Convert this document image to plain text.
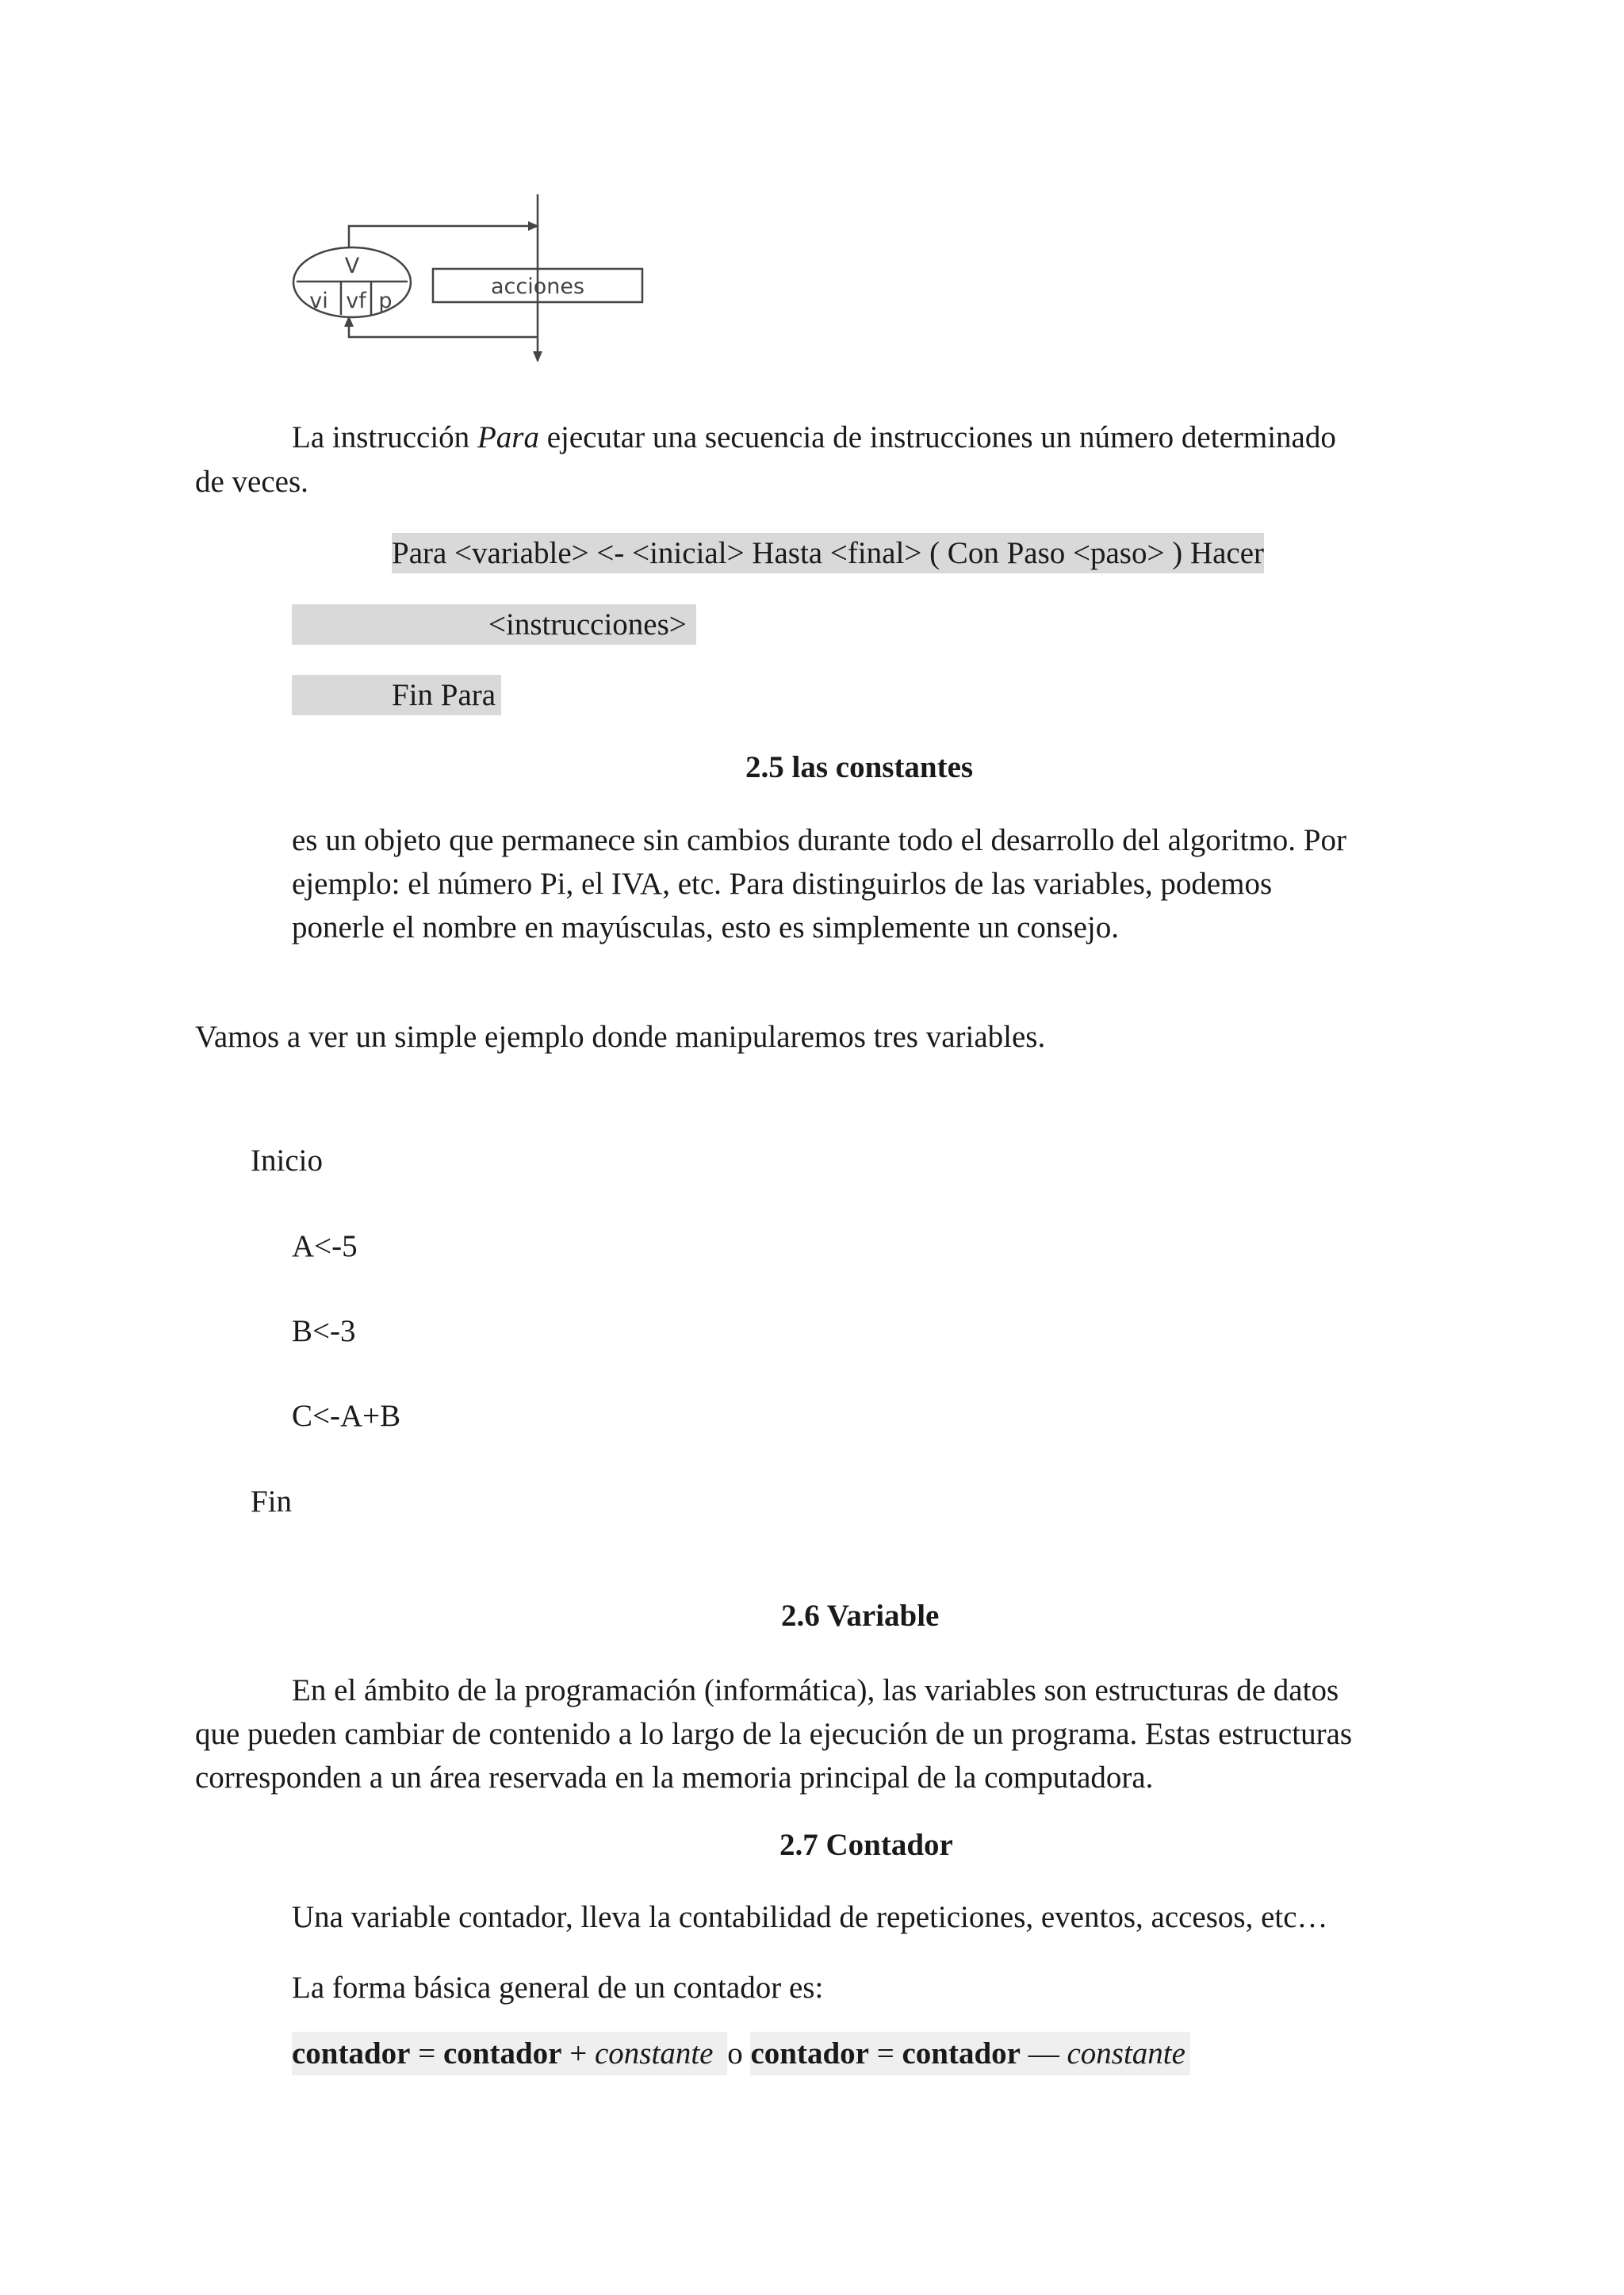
V
vi vf p
acciones
La instrucción Para ejecutar una secuencia de instrucciones un número determinado
de veces.
Para <variable> <- <inicial> Hasta <final> ( Con Paso <paso> ) Hacer
<instrucciones>
Fin Para
2.5 las constantes
es un objeto que permanece sin cambios durante todo el desarrollo del algoritmo. Por
ejemplo: el número Pi, el IVA, etc. Para distinguirlos de las variables, podemos
ponerle el nombre en mayúsculas, esto es simplemente un consejo.
Vamos a ver un simple ejemplo donde manipularemos tres variables.
Inicio
A<-5
B<-3
C<-A+B
Fin
2.6 Variable
En el ámbito de la programación (informática), las variables son estructuras de datos
que pueden cambiar de contenido a lo largo de la ejecución de un programa. Estas estructuras
corresponden a un área reservada en la memoria principal de la computadora.
2.7 Contador
Una variable contador, lleva la contabilidad de repeticiones, eventos, accesos, etc…
La forma básica general de un contador es:
contador = contador + constante o contador = contador — constante
